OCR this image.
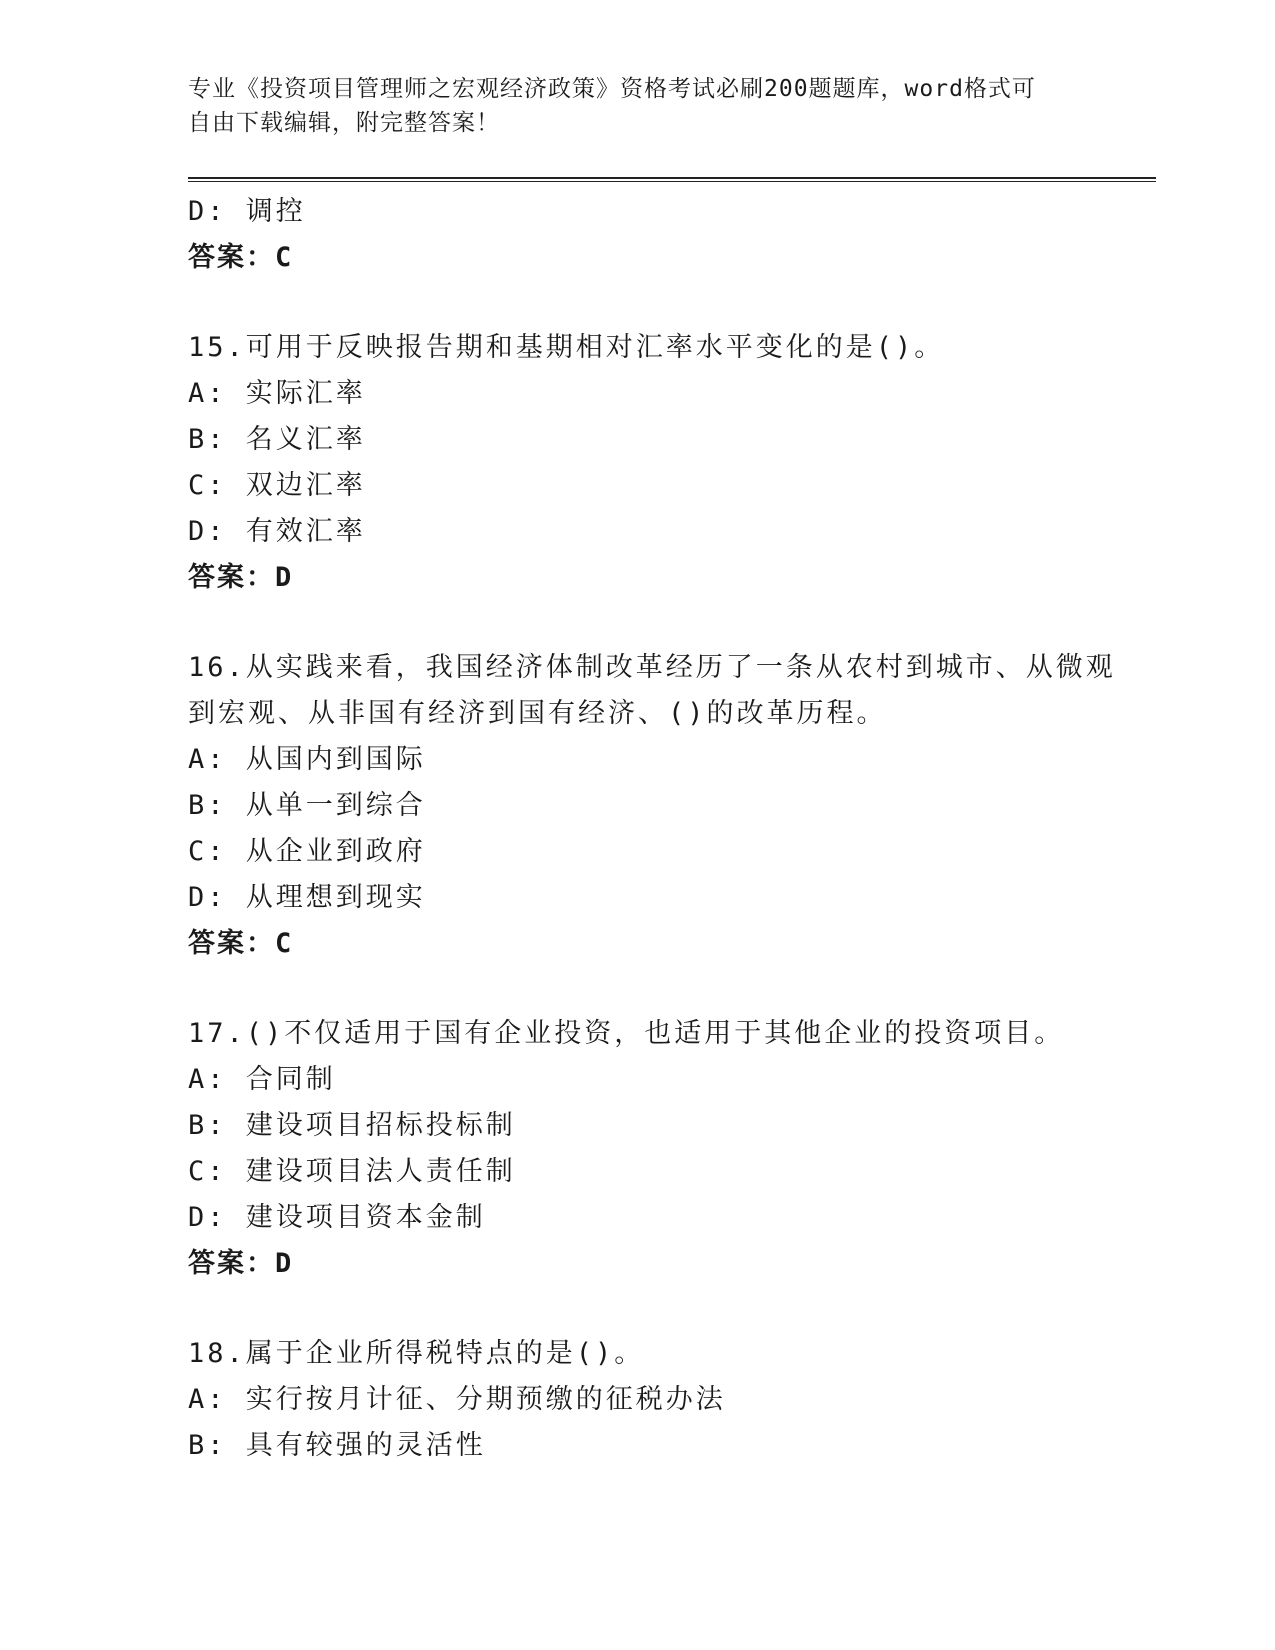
专业《投资项目管理师之宏观经济政策》资格考试必刷200题题库，word格式可
自由下载编辑，附完整答案！
D: 调控
答案：C
15.可用于反映报告期和基期相对汇率水平变化的是()。
A: 实际汇率
B: 名义汇率
C: 双边汇率
D: 有效汇率
答案：D
16.从实践来看，我国经济体制改革经历了一条从农村到城市、从微观
到宏观、从非国有经济到国有经济、()的改革历程。
A: 从国内到国际
B: 从单一到综合
C: 从企业到政府
D: 从理想到现实
答案：C
17.()不仅适用于国有企业投资，也适用于其他企业的投资项目。
A: 合同制
B: 建设项目招标投标制
C: 建设项目法人责任制
D: 建设项目资本金制
答案：D
18.属于企业所得税特点的是()。
A: 实行按月计征、分期预缴的征税办法
B: 具有较强的灵活性
